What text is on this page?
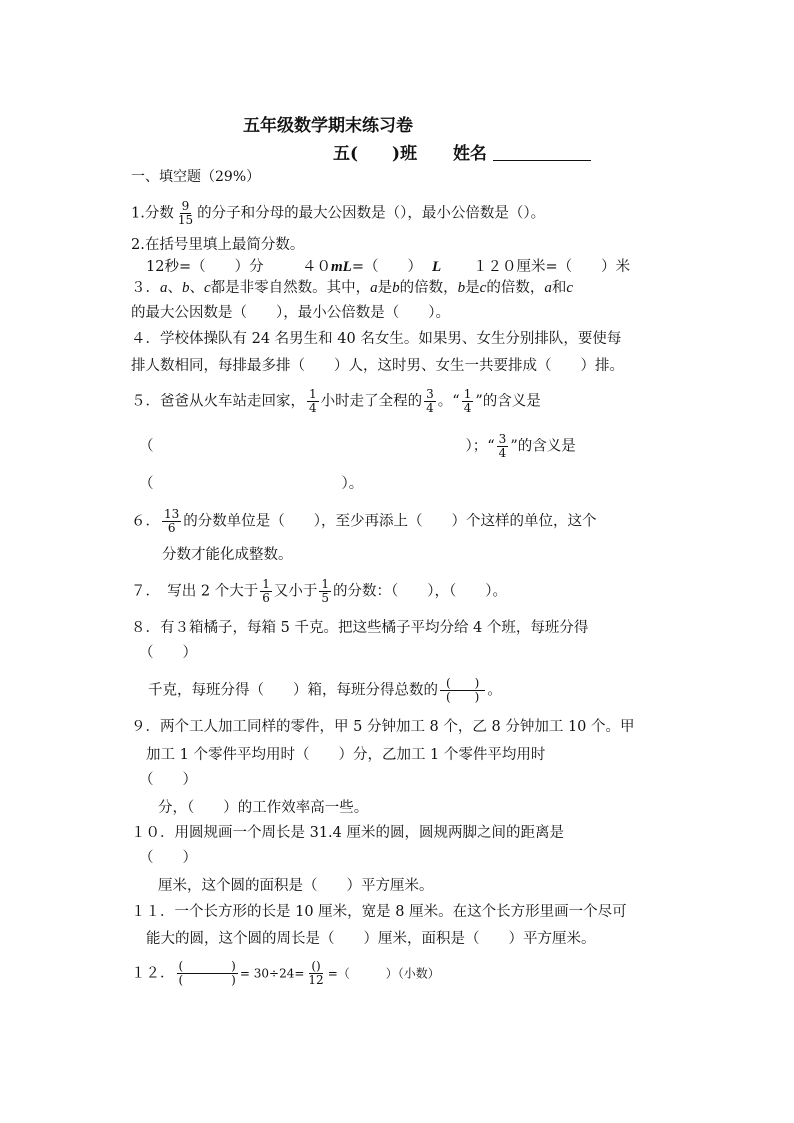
五年级数学期末练习卷
五(　　)班 姓名
一、填空题（29%）
1.分数 $\frac{9}{15}$ 的分子和分母的最大公因数是（），最小公倍数是（）。
2.在括号里填上最简分数。
12秒=（　　）分	４０mL=（　　） L １２０厘米=（　　）米
３．a、b、c都是非零自然数。其中，a是b的倍数，b是c的倍数，a和c
的最大公因数是（　　），最小公倍数是（　　）。
４．学校体操队有 24 名男生和 40 名女生。如果男、女生分别排队，要使每
排人数相同，每排最多排（　　）人，这时男、女生一共要排成（　　）排。
５．爸爸从火车站走回家， $\frac{1}{4}$ 小时走了全程的 $\frac{3}{4}$ 。“ $\frac{1}{4}$ ”的含义是
（	）；“ $\frac{3}{4}$ ”的含义是
（	）。
６． $\frac{13}{6}$ 的分数单位是（　　），至少再添上（　　）个这样的单位，这个
分数才能化成整数。
７．　写出 2 个大于 $\frac{1}{6}$ 又小于 $\frac{1}{5}$ 的分数：（　　），（　　）。
８．有３箱橘子，每箱 5 千克。把这些橘子平均分给 4 个班，每班分得
（　　）
千克，每班分得（　　）箱，每班分得总数的 $\frac{( )}{( )}$ 。
９．两个工人加工同样的零件，甲 5 分钟加工 8 个，乙 8 分钟加工 10 个。甲
加工 1 个零件平均用时（　　）分，乙加工 1 个零件平均用时
（　　）
分，（　　）的工作效率高一些。
１０．用圆规画一个周长是 31.4 厘米的圆，圆规两脚之间的距离是
（　　）
厘米，这个圆的面积是（　　）平方厘米。
１１．一个长方形的长是 10 厘米，宽是 8 厘米。在这个长方形里画一个尽可
能大的圆，这个圆的周长是（　　）厘米，面积是（　　）平方厘米。
１２． $\frac{( )}{( )} = 30\div 24= \frac{()}{12}$ =（　　　）（小数）
